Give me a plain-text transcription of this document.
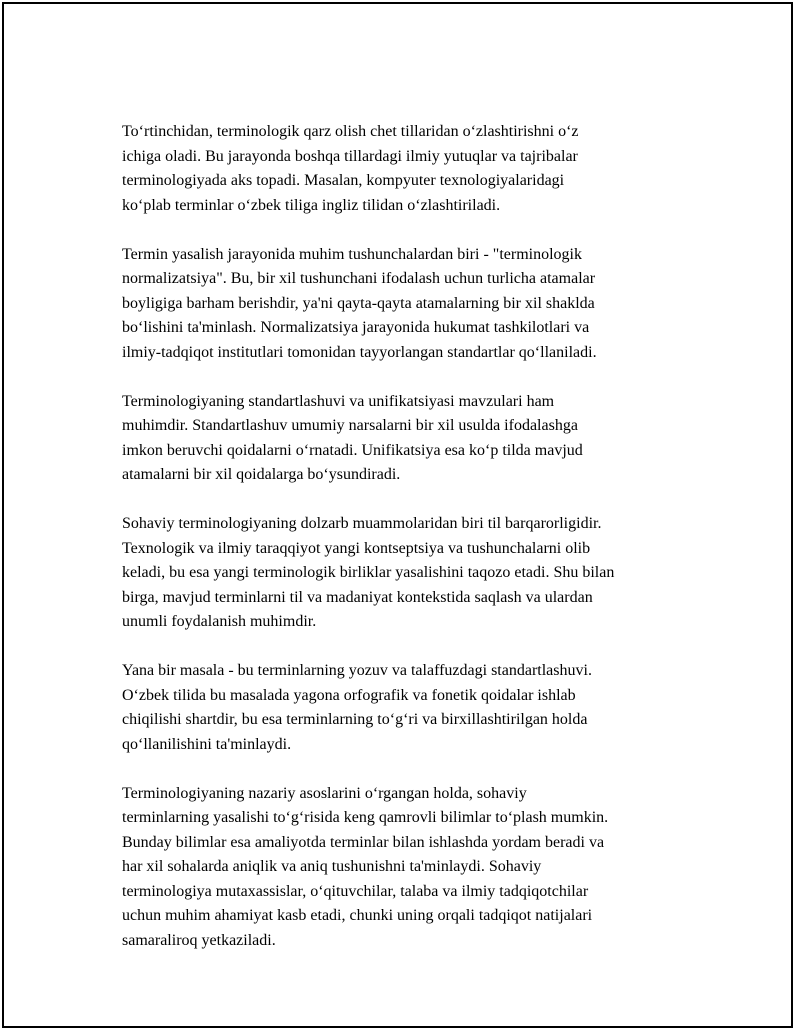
To‘rtinchidan, terminologik qarz olish chet tillaridan o‘zlashtirishni o‘z
ichiga oladi. Bu jarayonda boshqa tillardagi ilmiy yutuqlar va tajribalar
terminologiyada aks topadi. Masalan, kompyuter texnologiyalaridagi
ko‘plab terminlar o‘zbek tiliga ingliz tilidan o‘zlashtiriladi.

Termin yasalish jarayonida muhim tushunchalardan biri - "terminologik
normalizatsiya". Bu, bir xil tushunchani ifodalash uchun turlicha atamalar
boyligiga barham berishdir, ya'ni qayta-qayta atamalarning bir xil shaklda
bo‘lishini ta'minlash. Normalizatsiya jarayonida hukumat tashkilotlari va
ilmiy-tadqiqot institutlari tomonidan tayyorlangan standartlar qo‘llaniladi.

Terminologiyaning standartlashuvi va unifikatsiyasi mavzulari ham
muhimdir. Standartlashuv umumiy narsalarni bir xil usulda ifodalashga
imkon beruvchi qoidalarni o‘rnatadi. Unifikatsiya esa ko‘p tilda mavjud
atamalarni bir xil qoidalarga bo‘ysundiradi.

Sohaviy terminologiyaning dolzarb muammolaridan biri til barqarorligidir.
Texnologik va ilmiy taraqqiyot yangi kontseptsiya va tushunchalarni olib
keladi, bu esa yangi terminologik birliklar yasalishini taqozo etadi. Shu bilan
birga, mavjud terminlarni til va madaniyat kontekstida saqlash va ulardan
unumli foydalanish muhimdir.

Yana bir masala - bu terminlarning yozuv va talaffuzdagi standartlashuvi.
O‘zbek tilida bu masalada yagona orfografik va fonetik qoidalar ishlab
chiqilishi shartdir, bu esa terminlarning to‘g‘ri va birxillashtirilgan holda
qo‘llanilishini ta'minlaydi.

Terminologiyaning nazariy asoslarini o‘rgangan holda, sohaviy
terminlarning yasalishi to‘g‘risida keng qamrovli bilimlar to‘plash mumkin.
Bunday bilimlar esa amaliyotda terminlar bilan ishlashda yordam beradi va
har xil sohalarda aniqlik va aniq tushunishni ta'minlaydi. Sohaviy
terminologiya mutaxassislar, o‘qituvchilar, talaba va ilmiy tadqiqotchilar
uchun muhim ahamiyat kasb etadi, chunki uning orqali tadqiqot natijalari
samaraliroq yetkaziladi.
